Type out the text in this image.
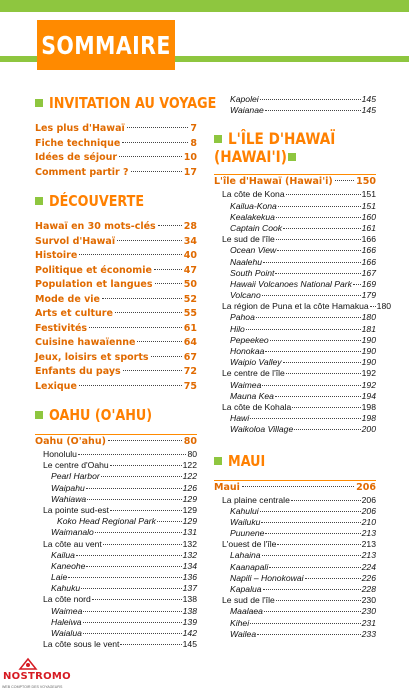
SOMMAIRE
INVITATION AU VOYAGE
Les plus d'Hawaï	7
Fiche technique	8
Idées de séjour	10
Comment partir ?	17
DÉCOUVERTE
Hawaï en 30 mots-clés	28
Survol d'Hawaï	34
Histoire	40
Politique et économie	47
Population et langues	50
Mode de vie	52
Arts et culture	55
Festivités	61
Cuisine hawaïenne	64
Jeux, loisirs et sports	67
Enfants du pays	72
Lexique	75
OAHU (O'AHU)
Oahu (O'ahu)	80
Honolulu	80
Le centre d'Oahu	122
Pearl Harbor	122
Waipahu	126
Wahiawa	129
La pointe sud-est	129
Koko Head Regional Park	129
Waimanalo	131
La côte au vent	132
Kailua	132
Kaneohe	134
Laie	136
Kahuku	137
La côte nord	138
Waimea	138
Haleiwa	139
Waialua	142
La côte sous le vent	145
Kapolei	145
Waianae	145
L'ÎLE D'HAWAÏ
(HAWAI'I)
L'île d'Hawaï (Hawai'i) 150
La côte de Kona	151
Kailua-Kona	151
Kealakekua	160
Captain Cook	161
Le sud de l'île	166
Ocean View	166
Naalehu	166
South Point	167
Hawaii Volcanoes National Park 169
Volcano	179
La région de Puna et la côte Hamakua 180
Pahoa	180
Hilo	181
Pepeekeo	190
Honokaa	190
Waipio Valley	190
Le centre de l'île	192
Waimea	192
Mauna Kea	194
La côte de Kohala	198
Hawi	198
Waikoloa Village	200
MAUI
Maui	206
La plaine centrale	206
Kahului	206
Wailuku	210
Puunene	213
L'ouest de l'île	213
Lahaina	213
Kaanapali	224
Napili – Honokowai	226
Kapalua	228
Le sud de l'île	230
Maalaea	230
Kihei	231
Wailea	233
NOSTROMO
WEB COMPTOIR DES VOYAGEURS
